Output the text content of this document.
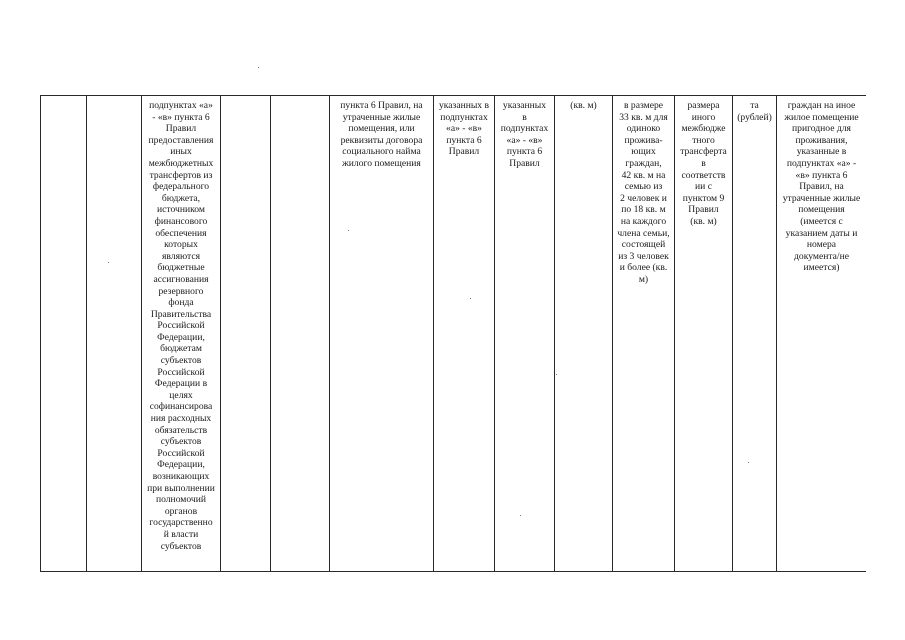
подпунктах «а»
- «в» пункта 6
Правил
предоставления
иных
межбюджетных
трансфертов из
федерального
бюджета,
источником
финансового
обеспечения
которых
являются
бюджетные
ассигнования
резервного
фонда
Правительства
Российской
Федерации,
бюджетам
субъектов
Российской
Федерации в
целях
софинансирова
ния расходных
обязательств
субъектов
Российской
Федерации,
возникающих
при выполнении
полномочий
органов
государственно
й власти
субъектов
пункта 6 Правил, на
утраченные жилые
помещения, или
реквизиты договора
социального найма
жилого помещения
указанных в
подпунктах
«а» - «в»
пункта 6
Правил
указанных
в
подпунктах
«а» - «в»
пункта 6
Правил
(кв. м)	в размере
33 кв. м для
одиноко
прожива-
ющих
граждан,
42 кв. м на
семью из
2 человек и
по 18 кв. м
на каждого
члена семьи,
состоящей
из 3 человек
и более (кв.
м)
размера
иного
межбюдже
тного
трансферта
в
соответств
ии с
пунктом 9
Правил
(кв. м)
та
(рублей)
граждан на иное
жилое помещение
пригодное для
проживания,
указанные в
подпунктах «а» -
«в» пункта 6
Правил, на
утраченные жилые
помещения
(имеется с
указанием даты и
номера
документа/не
имеется)
